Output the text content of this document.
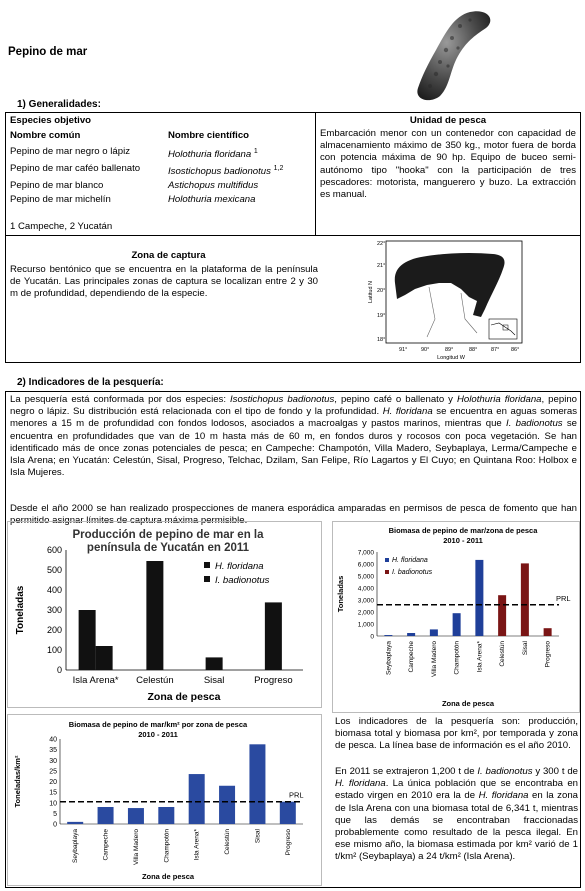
Pepino de mar
1) Generalidades:
Especies objetivo
Nombre común	Nombre científico
Pepino de mar negro o lápiz	Holothuria floridana $^1$
Pepino de mar caféo ballenato	Isostichopus badionotus $^{1,2}$
Pepino de mar blanco	Astichopus multifidus
Pepino de mar michelín	Holothuria mexicana
1 Campeche, 2 Yucatán
Unidad de pesca
Embarcación menor con un contenedor con capacidad de almacenamiento máximo de 350 kg., motor fuera de borda con potencia máxima de 90 hp. Equipo de buceo semi-autónomo tipo "hooka" con la participación de tres pescadores: motorista, manguerero y buzo. La extracción es manual.
Zona de captura
Recurso bentónico que se encuentra en la plataforma de la península de Yucatán. Las principales zonas de captura se localizan entre 2 y 30 m de profundidad, dependiendo de la especie.
22°
21°
20°
19°
18°
91° 90°	89°	88° 87° 86°
Longitud W
Latitud N
2) Indicadores de la pesquería:
La pesquería está conformada por dos especies: Isostichopus badionotus, pepino café o ballenato y Holothuria floridana, pepino negro o lápiz. Su distribución está relacionada con el tipo de fondo y la profundidad. H. floridana se encuentra en aguas someras menores a 15 m de profundidad con fondos lodosos, asociados a macroalgas y pastos marinos, mientras que I. badionotus se encuentra en profundidades que van de 10 m hasta más de 60 m, en fondos duros y rocosos con poca vegetación. Se han identificado más de once zonas potenciales de pesca; en Campeche: Champotón, Villa Madero, Seybaplaya, Lerma/Campeche e Isla Arena; en Yucatán: Celestún, Sisal, Progreso, Telchac, Dzilam, San Felipe, Río Lagartos y El Cuyo; en Quintana Roo: Holbox e Isla Mujeres.
Desde el año 2000 se han realizado prospecciones de manera esporádica amparadas en permisos de pesca de fomento que han permitido asignar límites de captura máxima permisible.
Los indicadores de la pesquería son: producción, biomasa total y biomasa por km², por temporada y zona de pesca. La línea base de información es el año 2010.
En 2011 se extrajeron 1,200 t de I. badionotus y 300 t de H. floridana. La única población que se encontraba en estado virgen en 2010 era la de H. floridana en la zona de Isla Arena con una biomasa total de 6,341 t, mientras que las demás se encontraban fraccionadas probablemente como resultado de la pesca ilegal. En ese mismo año, la biomasa estimada por km² varió de 1 t/km² (Seybaplaya) a 24 t/km² (Isla Arena).
Producción de pepino de mar en la
península de Yucatán en 2011
0
100
200
300
400
500
600
Isla Arena* Celestún	Sisal	Progreso
Zona de pesca
Toneladas
H. floridana
I. badionotus
Biomasa de pepino de mar/zona de pesca
2010 - 2011
0
1,000
2,000
3,000
4,000
5,000
6,000
7,000
Seybaplaya Campeche Villa Madero Champotón Isla Arena* Celestún Sisal Progreso
PRL
Zona de pesca
Toneladas
H. floridana
I. badionotus
Biomasa de pepino de mar/km² por zona de pesca
2010 - 2011
0
5
10
15
20
25
30
35
40
Seybaplaya	Campeche	Villa Madero	Champotón	Isla Arena*	Celestún	Sisal	Progreso
PRL
Zona de pesca
Toneladas/km²
